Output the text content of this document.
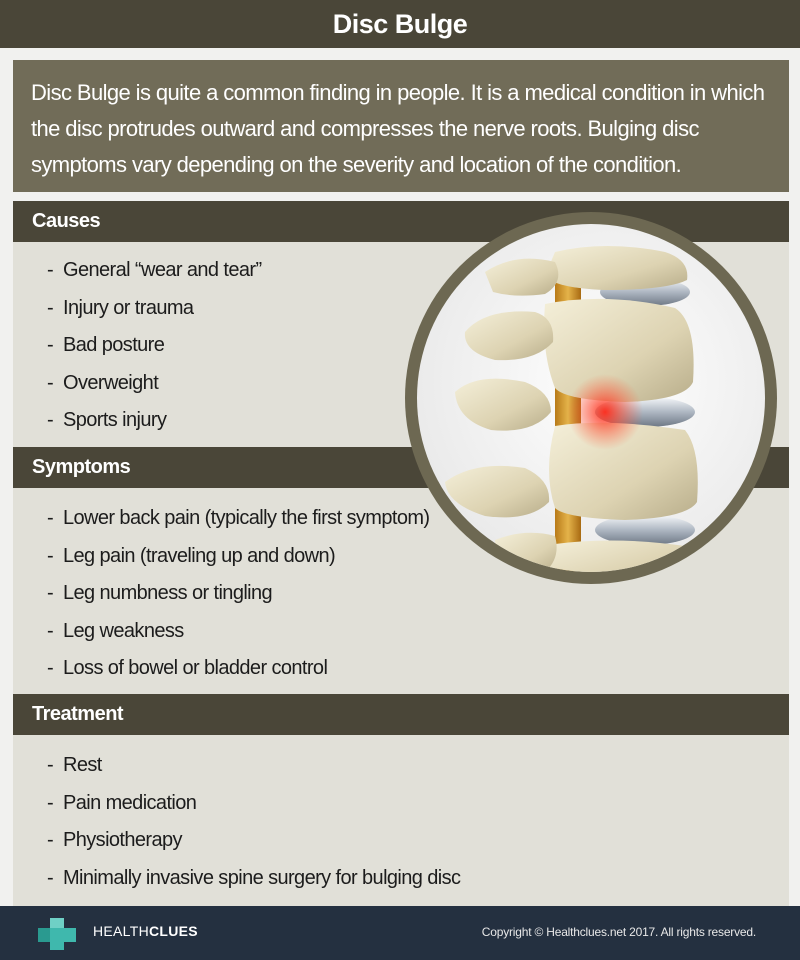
Disc Bulge
Disc Bulge is quite a common finding in people. It is a medical condition in which the disc protrudes outward and compresses the nerve roots. Bulging disc symptoms vary depending on the severity and location of the condition.
Causes
- General “wear and tear”
- Injury or trauma
- Bad posture
- Overweight
- Sports injury
Symptoms
- Lower back pain (typically the first symptom)
- Leg pain (traveling up and down)
- Leg numbness or tingling
- Leg weakness
- Loss of bowel or bladder control
Treatment
- Rest
- Pain medication
- Physiotherapy
- Minimally invasive spine surgery for bulging disc
HEALTHCLUES	Copyright © Healthclues.net 2017. All rights reserved.
